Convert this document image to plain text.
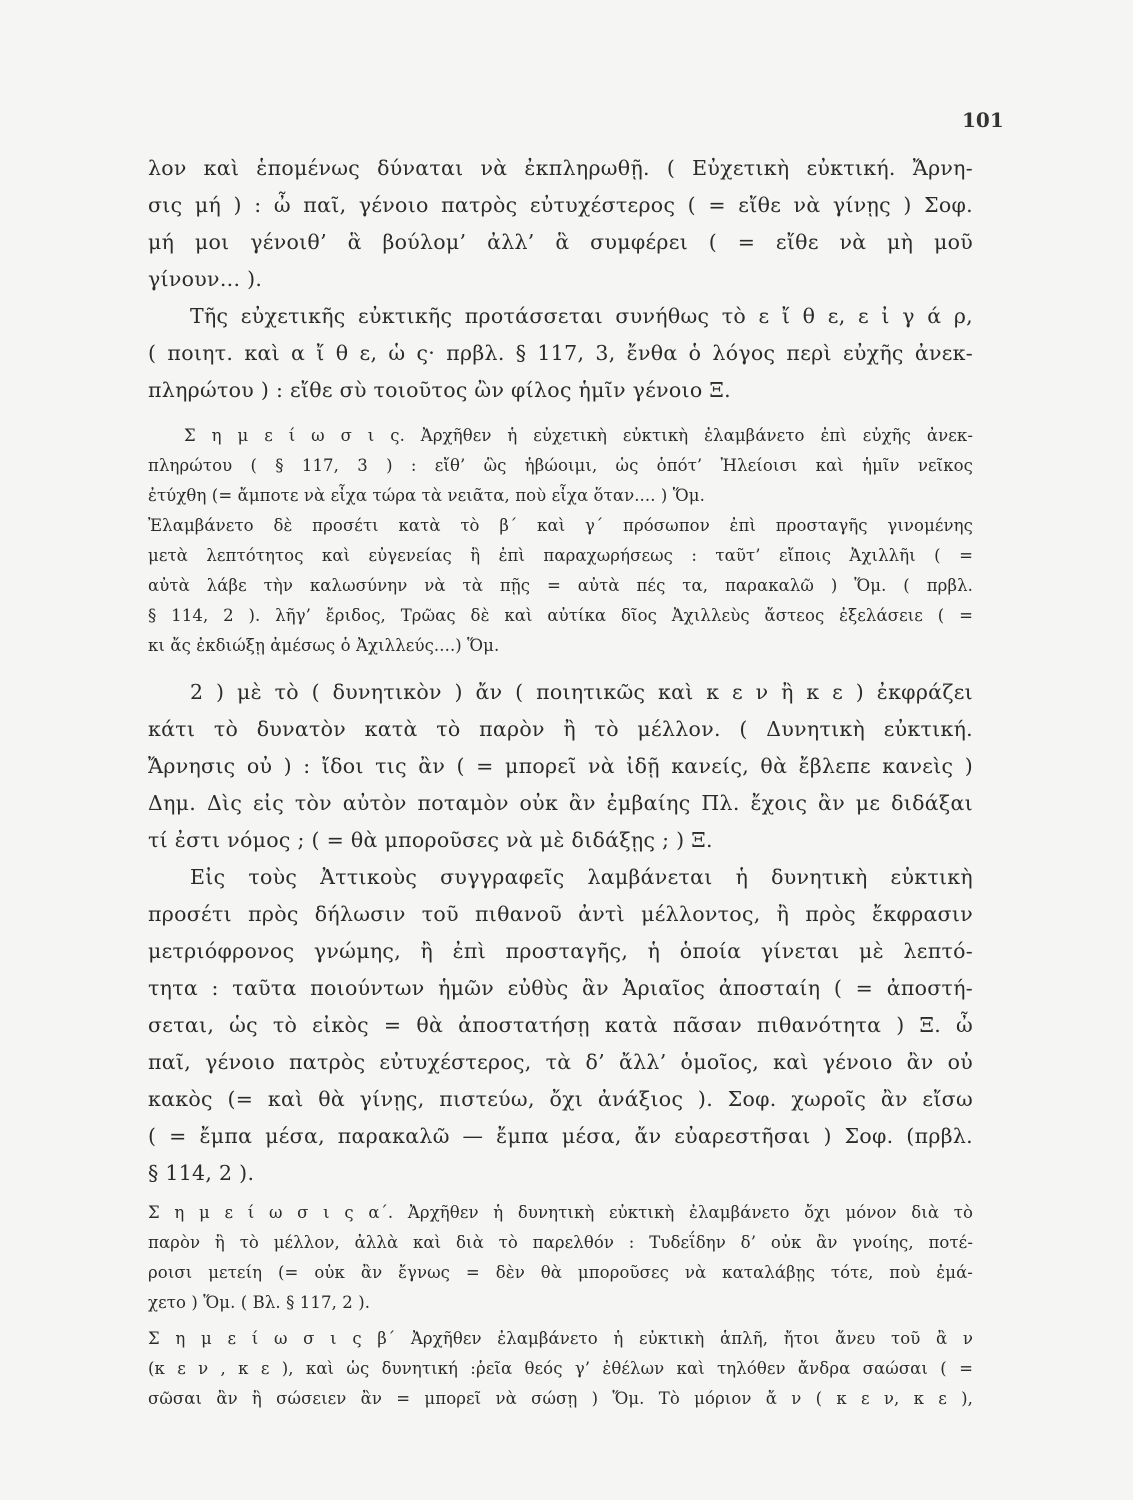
101
λον καὶ ἑπομένως δύναται νὰ ἐκπληρωθῇ. ( Εὐχετικὴ εὐκτική. Ἄρνη-
σις μή ) : ὦ παῖ, γένοιο πατρὸς εὐτυχέστερος ( = εἴθε νὰ γίνῃς ) Σοφ.
μή μοι γένοιθ’ ἃ βούλομ’ ἀλλ’ ἃ συμφέρει ( = εἴθε νὰ μὴ μοῦ
γίνουν... ).
Τῆς εὐχετικῆς εὐκτικῆς προτάσσεται συνήθως τὸ ε ἴ θ ε, ε ἰ γ ά ρ,
( ποιητ. καὶ α ἴ θ ε, ὡ ς· πρβλ. § 117, 3, ἔνθα ὁ λόγος περὶ εὐχῆς ἀνεκ-
πληρώτου ) : εἴθε σὺ τοιοῦτος ὢν φίλος ἡμῖν γένοιο Ξ.
Σ η μ ε ί ω σ ι ς. Ἀρχῆθεν ἡ εὐχετικὴ εὐκτικὴ ἐλαμβάνετο ἐπὶ εὐχῆς ἀνεκ-
πληρώτου ( § 117, 3 ) : εἴθ’ ὣς ἡβώοιμι, ὡς ὁπότ’ Ἠλείοισι καὶ ἡμῖν νεῖκος
ἐτύχθη (= ἄμποτε νὰ εἶχα τώρα τὰ νειᾶτα, ποὺ εἶχα ὅταν.... ) Ὅμ.
Ἐλαμβάνετο δὲ προσέτι κατὰ τὸ β΄ καὶ γ΄ πρόσωπον ἐπὶ προσταγῆς γινομένης
μετὰ λεπτότητος καὶ εὐγενείας ἢ ἐπὶ παραχωρήσεως : ταῦτ’ εἴποις Ἀχιλλῆι ( =
αὐτὰ λάβε τὴν καλωσύνην νὰ τὰ πῇς = αὐτὰ πές τα, παρακαλῶ ) Ὅμ. ( πρβλ.
§ 114, 2 ). λῆγ’ ἔριδος, Τρῶας δὲ καὶ αὐτίκα δῖος Ἀχιλλεὺς ἄστεος ἐξελάσειε ( =
κι ἄς ἐκδιώξῃ ἀμέσως ὁ Ἀχιλλεύς....) Ὅμ.
2 ) μὲ τὸ ( δυνητικὸν ) ἄν ( ποιητικῶς καὶ κ ε ν ἢ κ ε ) ἐκφράζει
κάτι τὸ δυνατὸν κατὰ τὸ παρὸν ἢ τὸ μέλλον. ( Δυνητικὴ εὐκτική.
Ἄρνησις οὐ ) : ἴδοι τις ἂν ( = μπορεῖ νὰ ἰδῇ κανείς, θὰ ἔβλεπε κανεὶς )
Δημ. Δὶς εἰς τὸν αὐτὸν ποταμὸν οὐκ ἂν ἐμβαίης Πλ. ἔχοις ἂν με διδάξαι
τί ἐστι νόμος ; ( = θὰ μποροῦσες νὰ μὲ διδάξῃς ; ) Ξ.
Εἰς τοὺς Ἀττικοὺς συγγραφεῖς λαμβάνεται ἡ δυνητικὴ εὐκτικὴ
προσέτι πρὸς δήλωσιν τοῦ πιθανοῦ ἀντὶ μέλλοντος, ἢ πρὸς ἔκφρασιν
μετριόφρονος γνώμης, ἢ ἐπὶ προσταγῆς, ἡ ὁποία γίνεται μὲ λεπτό-
τητα : ταῦτα ποιούντων ἡμῶν εὐθὺς ἂν Ἀριαῖος ἀποσταίη ( = ἀποστή-
σεται, ὡς τὸ εἰκὸς = θὰ ἀποστατήσῃ κατὰ πᾶσαν πιθανότητα ) Ξ. ὦ
παῖ, γένοιο πατρὸς εὐτυχέστερος, τὰ δ’ ἄλλ’ ὁμοῖος, καὶ γένοιο ἂν οὐ
κακὸς (= καὶ θὰ γίνῃς, πιστεύω, ὄχι ἀνάξιος ). Σοφ. χωροῖς ἂν εἴσω
( = ἔμπα μέσα, παρακαλῶ — ἔμπα μέσα, ἄν εὐαρεστῆσαι ) Σοφ. (πρβλ.
§ 114, 2 ).
Σ η μ ε ί ω σ ι ς α΄. Ἀρχῆθεν ἡ δυνητικὴ εὐκτικὴ ἐλαμβάνετο ὄχι μόνον διὰ τὸ
παρὸν ἢ τὸ μέλλον, ἀλλὰ καὶ διὰ τὸ παρελθόν : Τυδεΐδην δ’ οὐκ ἂν γνοίης, ποτέ-
ροισι μετείη (= οὐκ ἂν ἔγνως = δὲν θὰ μποροῦσες νὰ καταλάβῃς τότε, ποὺ ἐμά-
χετο ) Ὅμ. ( Βλ. § 117, 2 ).
Σ η μ ε ί ω σ ι ς β΄ Ἀρχῆθεν ἐλαμβάνετο ἡ εὐκτικὴ ἁπλῆ, ἤτοι ἄνευ τοῦ ἂ ν
(κ ε ν , κ ε ), καὶ ὡς δυνητική :ῥεῖα θεός γ’ ἐθέλων καὶ τηλόθεν ἄνδρα σαώσαι ( =
σῶσαι ἂν ἢ σώσειεν ἂν = μπορεῖ νὰ σώσῃ ) Ὅμ. Τὸ μόριον ἄ ν ( κ ε ν, κ ε ),
